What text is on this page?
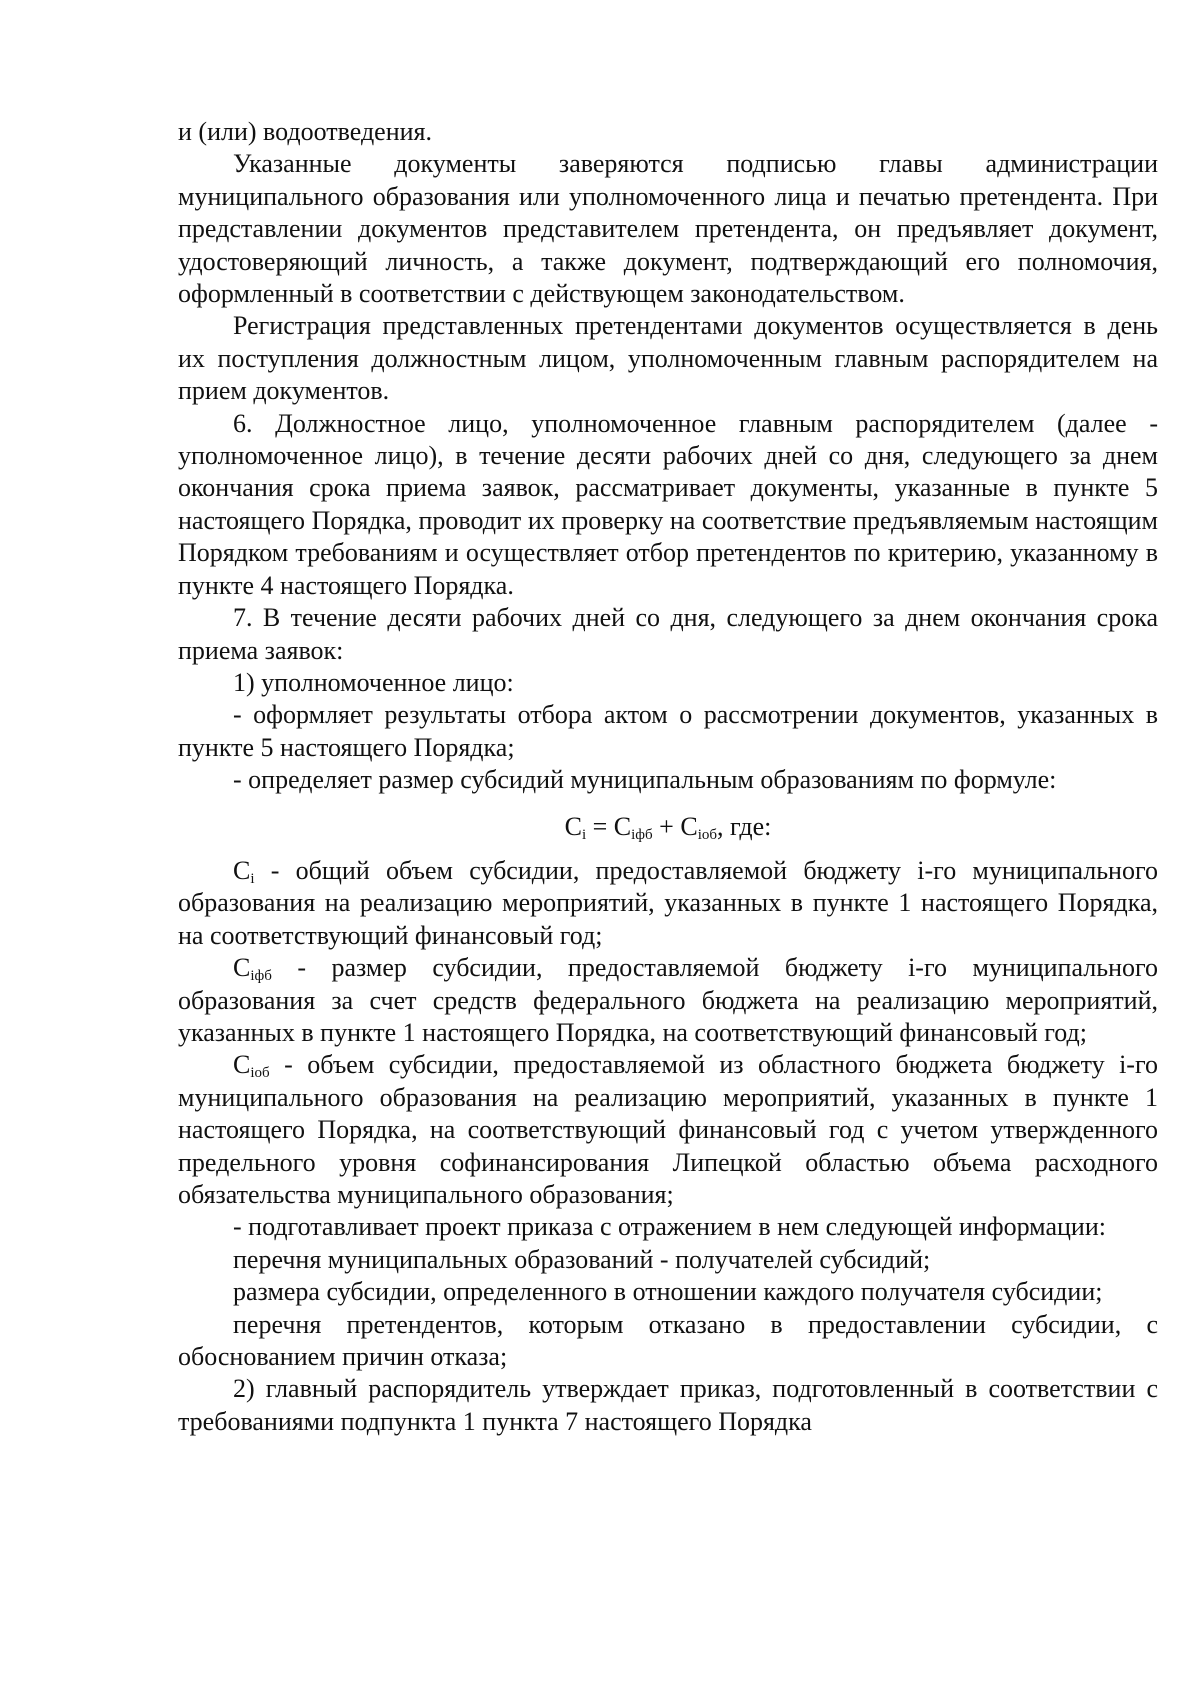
и (или) водоотведения.

Указанные документы заверяются подписью главы администрации муниципального образования или уполномоченного лица и печатью претендента. При представлении документов представителем претендента, он предъявляет документ, удостоверяющий личность, а также документ, подтверждающий его полномочия, оформленный в соответствии с действующем законодательством.

Регистрация представленных претендентами документов осуществляется в день их поступления должностным лицом, уполномоченным главным распорядителем на прием документов.

6. Должностное лицо, уполномоченное главным распорядителем (далее - уполномоченное лицо), в течение десяти рабочих дней со дня, следующего за днем окончания срока приема заявок, рассматривает документы, указанные в пункте 5 настоящего Порядка, проводит их проверку на соответствие предъявляемым настоящим Порядком требованиям и осуществляет отбор претендентов по критерию, указанному в пункте 4 настоящего Порядка.

7. В течение десяти рабочих дней со дня, следующего за днем окончания срока приема заявок:

1) уполномоченное лицо:

- оформляет результаты отбора актом о рассмотрении документов, указанных в пункте 5 настоящего Порядка;

- определяет размер субсидий муниципальным образованиям по формуле:

$C_i = C_{iфб} + C_{iоб}$, где:

$C_i$ - общий объем субсидии, предоставляемой бюджету i-го муниципального образования на реализацию мероприятий, указанных в пункте 1 настоящего Порядка, на соответствующий финансовый год;

$C_{iфб}$ - размер субсидии, предоставляемой бюджету i-го муниципального образования за счет средств федерального бюджета на реализацию мероприятий, указанных в пункте 1 настоящего Порядка, на соответствующий финансовый год;

$C_{iоб}$ - объем субсидии, предоставляемой из областного бюджета бюджету i-го муниципального образования на реализацию мероприятий, указанных в пункте 1 настоящего Порядка, на соответствующий финансовый год с учетом утвержденного предельного уровня софинансирования Липецкой областью объема расходного обязательства муниципального образования;

- подготавливает проект приказа с отражением в нем следующей информации:

перечня муниципальных образований - получателей субсидий;

размера субсидии, определенного в отношении каждого получателя субсидии;

перечня претендентов, которым отказано в предоставлении субсидии, с обоснованием причин отказа;

2) главный распорядитель утверждает приказ, подготовленный в соответствии с требованиями подпункта 1 пункта 7 настоящего Порядка
